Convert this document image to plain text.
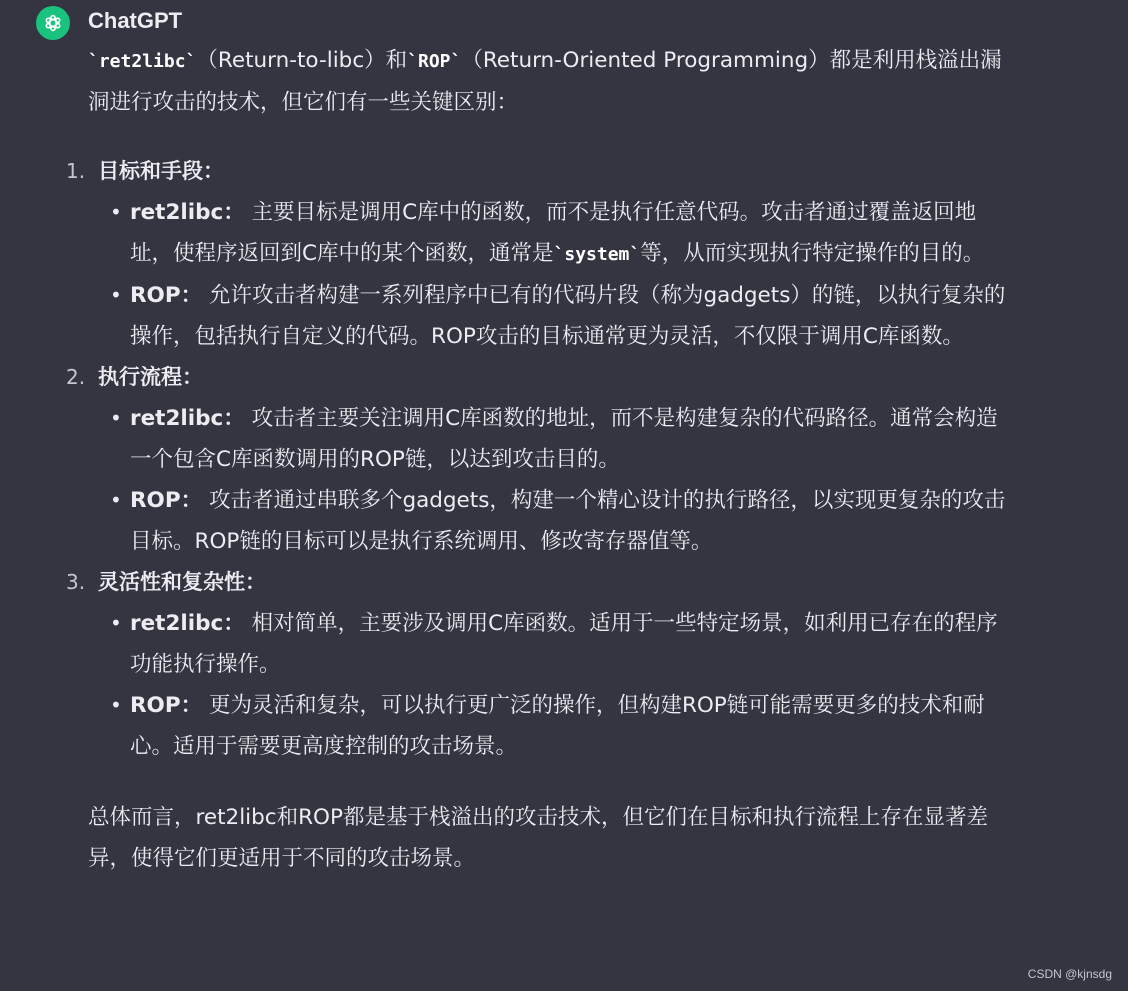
ChatGPT

`ret2libc`（Return-to-libc）和`ROP`（Return-Oriented Programming）都是利用栈溢出漏洞进行攻击的技术，但它们有一些关键区别：

1. 目标和手段：
• ret2libc： 主要目标是调用C库中的函数，而不是执行任意代码。攻击者通过覆盖返回地址，使程序返回到C库中的某个函数，通常是`system`等，从而实现执行特定操作的目的。
• ROP： 允许攻击者构建一系列程序中已有的代码片段（称为gadgets）的链，以执行复杂的操作，包括执行自定义的代码。ROP攻击的目标通常更为灵活，不仅限于调用C库函数。
2. 执行流程：
• ret2libc： 攻击者主要关注调用C库函数的地址，而不是构建复杂的代码路径。通常会构造一个包含C库函数调用的ROP链，以达到攻击目的。
• ROP： 攻击者通过串联多个gadgets，构建一个精心设计的执行路径，以实现更复杂的攻击目标。ROP链的目标可以是执行系统调用、修改寄存器值等。
3. 灵活性和复杂性：
• ret2libc： 相对简单，主要涉及调用C库函数。适用于一些特定场景，如利用已存在的程序功能执行操作。
• ROP： 更为灵活和复杂，可以执行更广泛的操作，但构建ROP链可能需要更多的技术和耐心。适用于需要更高度控制的攻击场景。

总体而言，ret2libc和ROP都是基于栈溢出的攻击技术，但它们在目标和执行流程上存在显著差异，使得它们更适用于不同的攻击场景。

CSDN @kjnsdg
